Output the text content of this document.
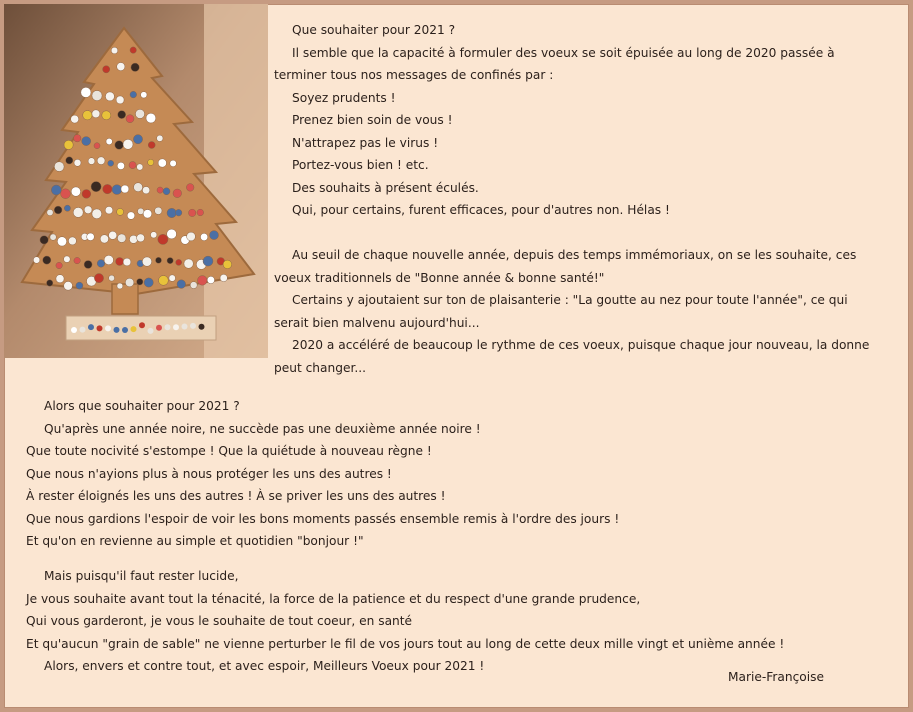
Que souhaiter pour 2021 ?
Il semble que la capacité à formuler des voeux se soit épuisée au long de 2020 passée à
terminer tous nos messages de confinés par :
Soyez prudents !
Prenez bien soin de vous !
N'attrapez pas le virus !
Portez-vous bien ! etc.
Des souhaits à présent éculés.
Qui, pour certains, furent efficaces, pour d'autres non. Hélas !
Au seuil de chaque nouvelle année, depuis des temps immémoriaux, on se les souhaite, ces
voeux traditionnels de "Bonne année & bonne santé!"
Certains y ajoutaient sur ton de plaisanterie : "La goutte au nez pour toute l'année", ce qui
serait bien malvenu aujourd'hui...
2020 a accéléré de beaucoup le rythme de ces voeux, puisque chaque jour nouveau, la donne
peut changer...
Alors que souhaiter pour 2021 ?
Qu'après une année noire, ne succède pas une deuxième année noire !
Que toute nocivité s'estompe ! Que la quiétude à nouveau règne !
Que nous n'ayions plus à nous protéger les uns des autres !
À rester éloignés les uns des autres ! À se priver les uns des autres !
Que nous gardions l'espoir de voir les bons moments passés ensemble remis à l'ordre des jours !
Et qu'on en revienne au simple et quotidien "bonjour !"
Mais puisqu'il faut rester lucide,
Je vous souhaite avant tout la ténacité, la force de la patience et du respect d'une grande prudence,
Qui vous garderont, je vous le souhaite de tout coeur, en santé
Et qu'aucun "grain de sable" ne vienne perturber le fil de vos jours tout au long de cette deux mille vingt et unième année !
Alors, envers et contre tout, et avec espoir, Meilleurs Voeux pour 2021 !
Marie-Françoise
